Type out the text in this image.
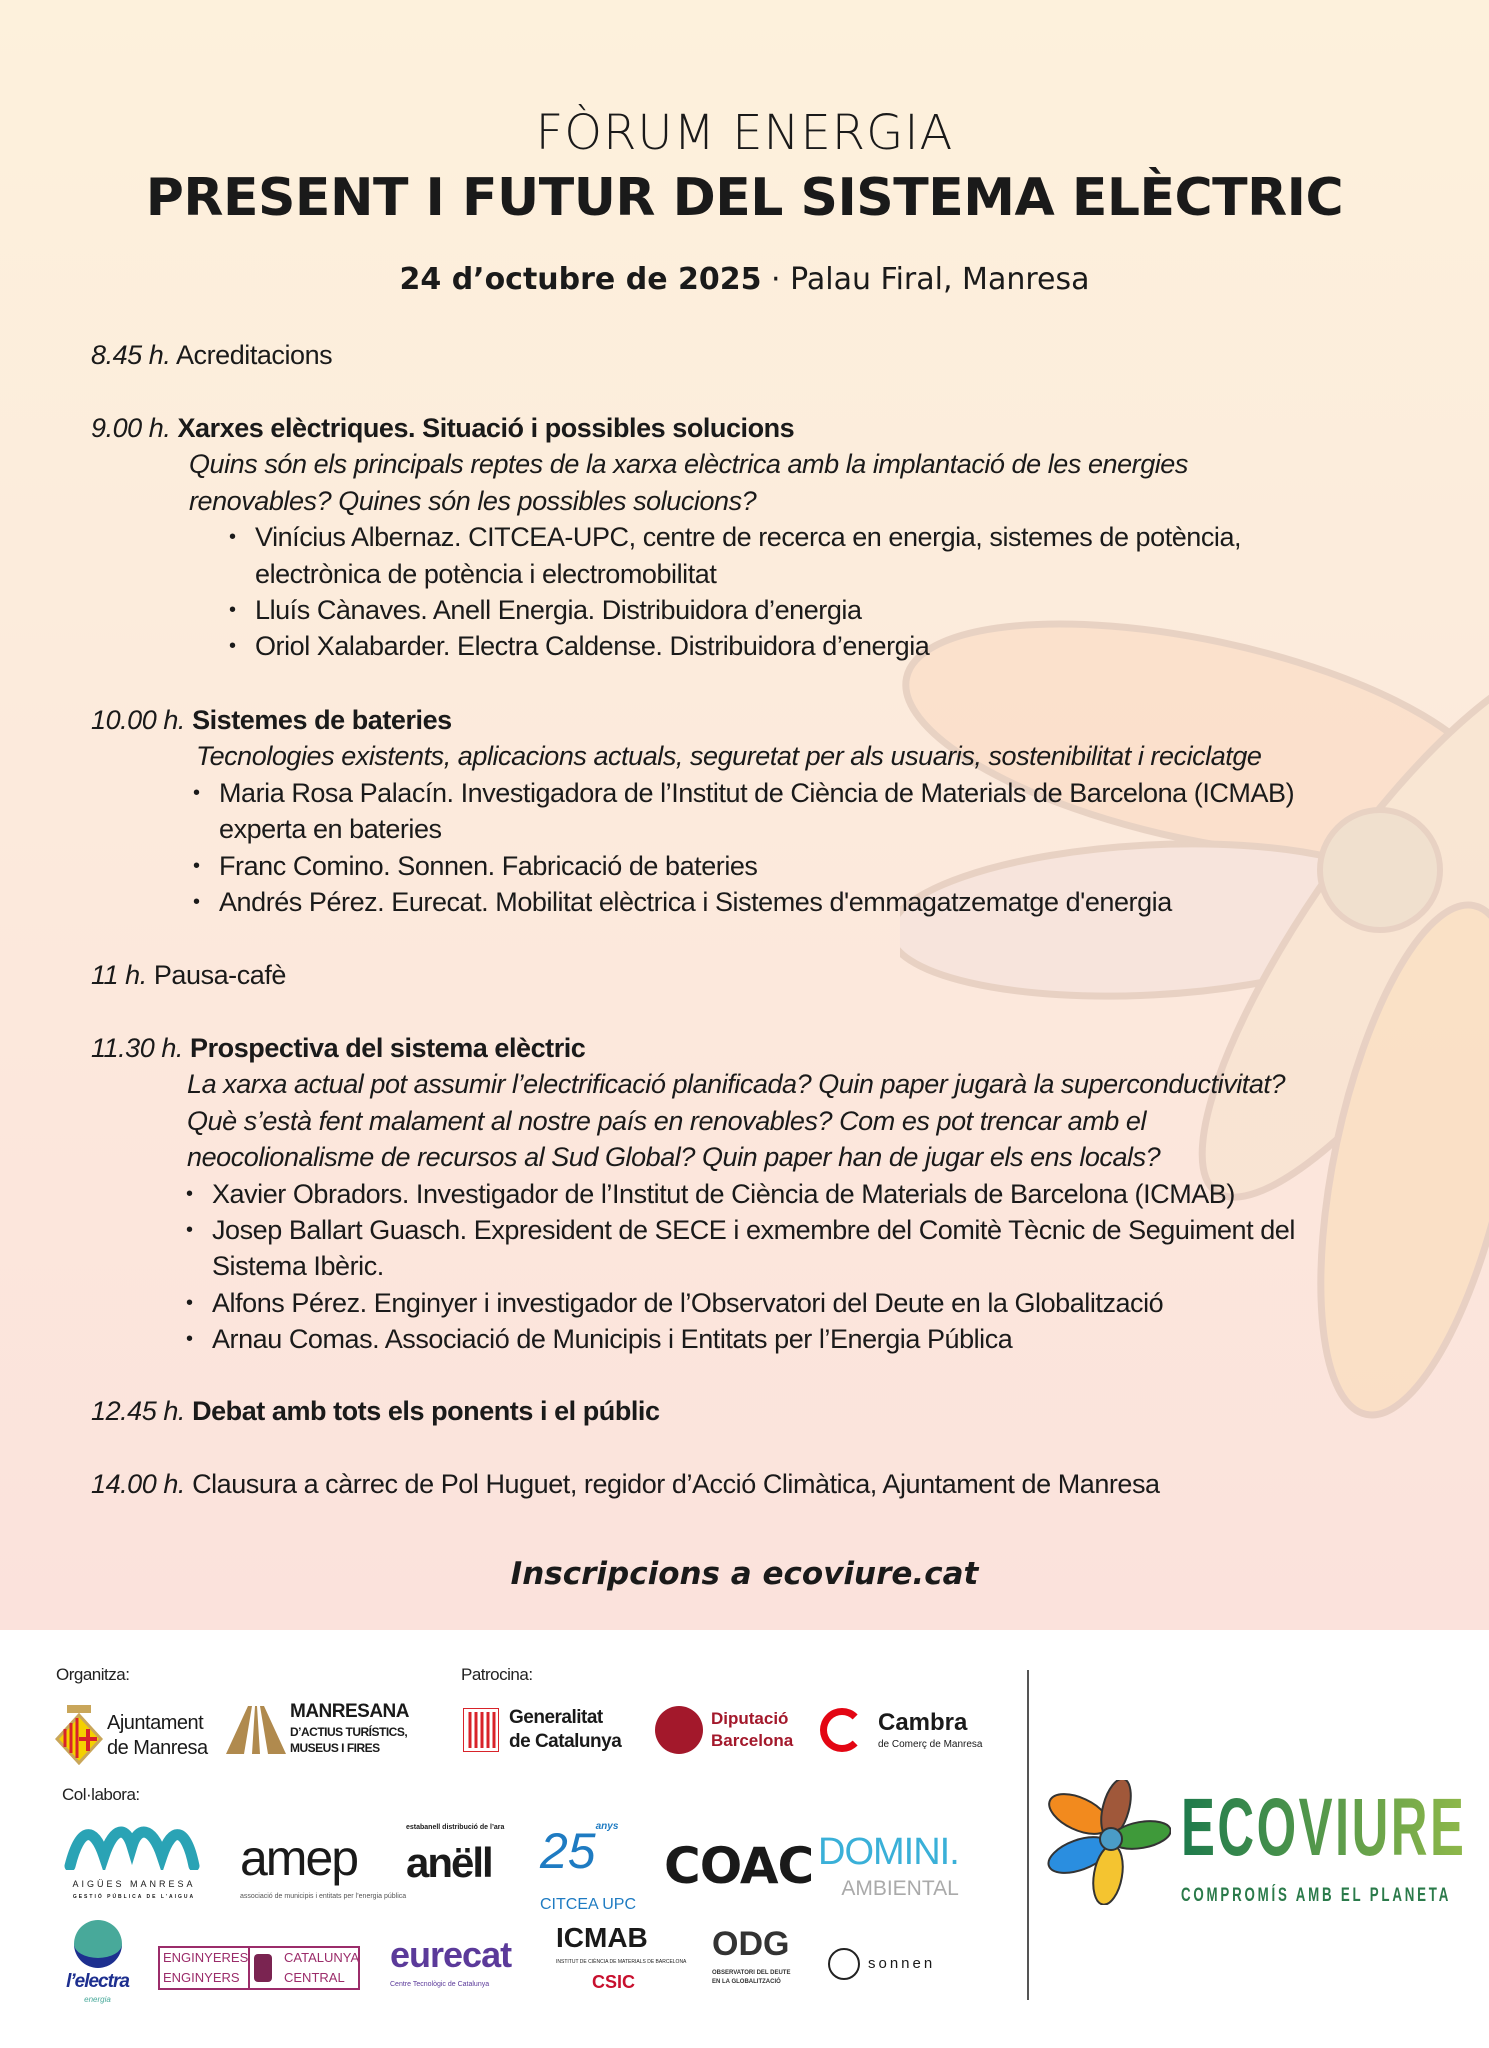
FÒRUM ENERGIA
PRESENT I FUTUR DEL SISTEMA ELÈCTRIC
24 d’octubre de 2025 · Palau Firal, Manresa
8.45 h. Acreditacions
9.00 h. Xarxes elèctriques. Situació i possibles solucions
Quins són els principals reptes de la xarxa elèctrica amb la implantació de les energies
renovables? Quines són les possibles solucions?
• Vinícius Albernaz. CITCEA-UPC, centre de recerca en energia, sistemes de potència,
electrònica de potència i electromobilitat
• Lluís Cànaves. Anell Energia. Distribuidora d’energia
• Oriol Xalabarder. Electra Caldense. Distribuidora d’energia
10.00 h. Sistemes de bateries
Tecnologies existents, aplicacions actuals, seguretat per als usuaris, sostenibilitat i reciclatge
• Maria Rosa Palacín. Investigadora de l’Institut de Ciència de Materials de Barcelona (ICMAB)
experta en bateries
• Franc Comino. Sonnen. Fabricació de bateries
• Andrés Pérez. Eurecat. Mobilitat elèctrica i Sistemes d'emmagatzematge d'energia
11 h. Pausa-cafè
11.30 h. Prospectiva del sistema elèctric
La xarxa actual pot assumir l’electrificació planificada? Quin paper jugarà la superconductivitat?
Què s’està fent malament al nostre país en renovables? Com es pot trencar amb el
neocolionalisme de recursos al Sud Global? Quin paper han de jugar els ens locals?
• Xavier Obradors. Investigador de l’Institut de Ciència de Materials de Barcelona (ICMAB)
• Josep Ballart Guasch. Expresident de SECE i exmembre del Comitè Tècnic de Seguiment del
Sistema Ibèric.
• Alfons Pérez. Enginyer i investigador de l’Observatori del Deute en la Globalització
• Arnau Comas. Associació de Municipis i Entitats per l’Energia Pública
12.45 h. Debat amb tots els ponents i el públic
14.00 h. Clausura a càrrec de Pol Huguet, regidor d’Acció Climàtica, Ajuntament de Manresa
Inscripcions a ecoviure.cat
Organitza:	Patrocina:
Col·labora:
Ajuntament
de Manresa
MANRESANA
D’ACTIUS TURÍSTICS,
MUSEUS I FIRES
Generalitat
de Catalunya
Diputació
Barcelona
Cambra
de Comerç de Manresa
AIGÜES MANRESA
GESTIÓ PÚBLICA DE L’AIGUA
amep
associació de municipis i entitats per l’energia pública
estabanell distribució de l’ara
anëll $25^{anys}$
CITCEA UPC
COAC DOMINI.
AMBIENTAL
l’electra
energia
ENGINYERES
ENGINYERS
CATALUNYA
CENTRAL
eurecat
Centre Tecnològic de Catalunya
ICMAB
INSTITUT DE CIÈNCIA DE MATERIALS DE BARCELONA
CSIC
ODG
OBSERVATORI DEL DEUTE
EN LA GLOBALITZACIÓ
sonnen
ECOVIURE
COMPROMÍS AMB EL PLANETA
